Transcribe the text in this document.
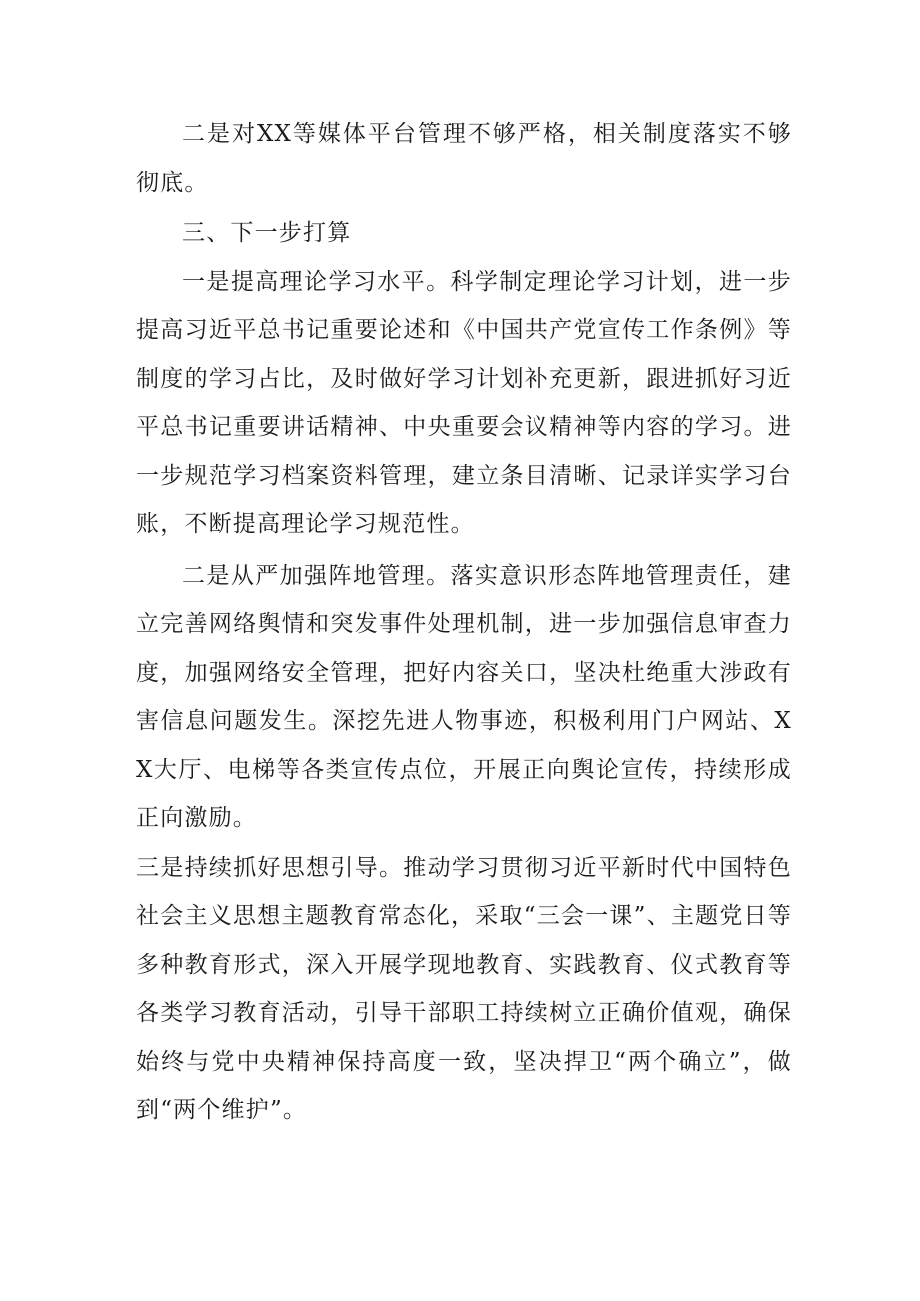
二是对XX等媒体平台管理不够严格，相关制度落实不够彻底。

三、下一步打算

一是提高理论学习水平。科学制定理论学习计划，进一步提高习近平总书记重要论述和《中国共产党宣传工作条例》等制度的学习占比，及时做好学习计划补充更新，跟进抓好习近平总书记重要讲话精神、中央重要会议精神等内容的学习。进一步规范学习档案资料管理，建立条目清晰、记录详实学习台账，不断提高理论学习规范性。

二是从严加强阵地管理。落实意识形态阵地管理责任，建立完善网络舆情和突发事件处理机制，进一步加强信息审查力度，加强网络安全管理，把好内容关口，坚决杜绝重大涉政有害信息问题发生。深挖先进人物事迹，积极利用门户网站、XX大厅、电梯等各类宣传点位，开展正向舆论宣传，持续形成正向激励。

三是持续抓好思想引导。推动学习贯彻习近平新时代中国特色社会主义思想主题教育常态化，采取“三会一课”、主题党日等多种教育形式，深入开展学现地教育、实践教育、仪式教育等各类学习教育活动，引导干部职工持续树立正确价值观，确保始终与党中央精神保持高度一致，坚决捍卫“两个确立”，做到“两个维护”。
